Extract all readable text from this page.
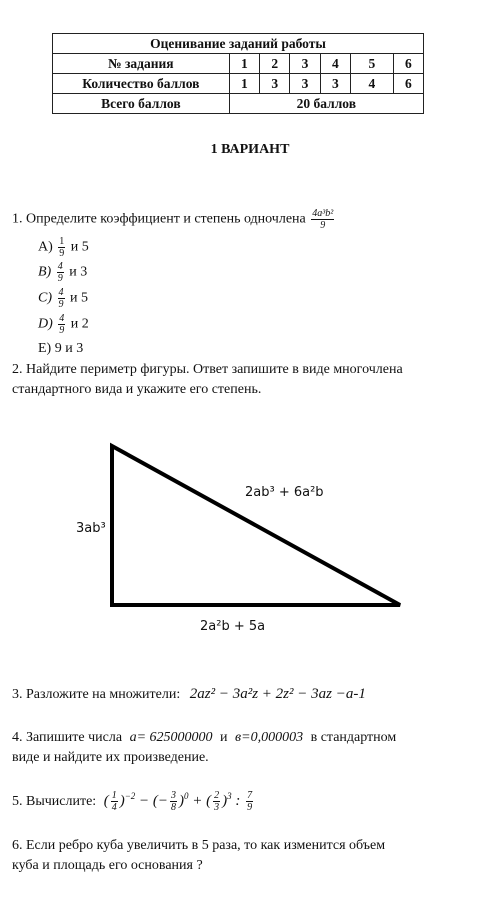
Оценивание заданий работы						
№ задания	1	2	3	4	5	6
Количество баллов	1	3	3	3	4	6
Всего баллов	20 баллов					
1 ВАРИАНТ
1. Определите коэффициент и степень одночлена $\frac{\text{4a³b²}}{9}$
$A) \frac{1}{9}$ и 5
$B) \frac{4}{9}$ и 3
$C) \frac{4}{9}$ и 5
$D) \frac{4}{9}$ и 2
E) 9 и 3
2. Найдите периметр фигуры. Ответ запишите в виде многочлена
стандартного вида и укажите его степень.
3ab³
2ab³ + 6a²b
2a²b + 5a
3. Разложите на множители: 2az² − 3a²z + 2z² − 3az −a-1
4. Запишите числа a= 625000000 и в=0,000003 в стандартном
виде и найдите их произведение.
5. Вычислите: ( $\frac{1}{4} )^{-2}$ − (− $\frac{3}{8} )^0$ + ( $\frac{2}{3} )^3$ : $\frac{7}{9}$
6. Если ребро куба увеличить в 5 раза, то как изменится объем
куба и площадь его основания ?
